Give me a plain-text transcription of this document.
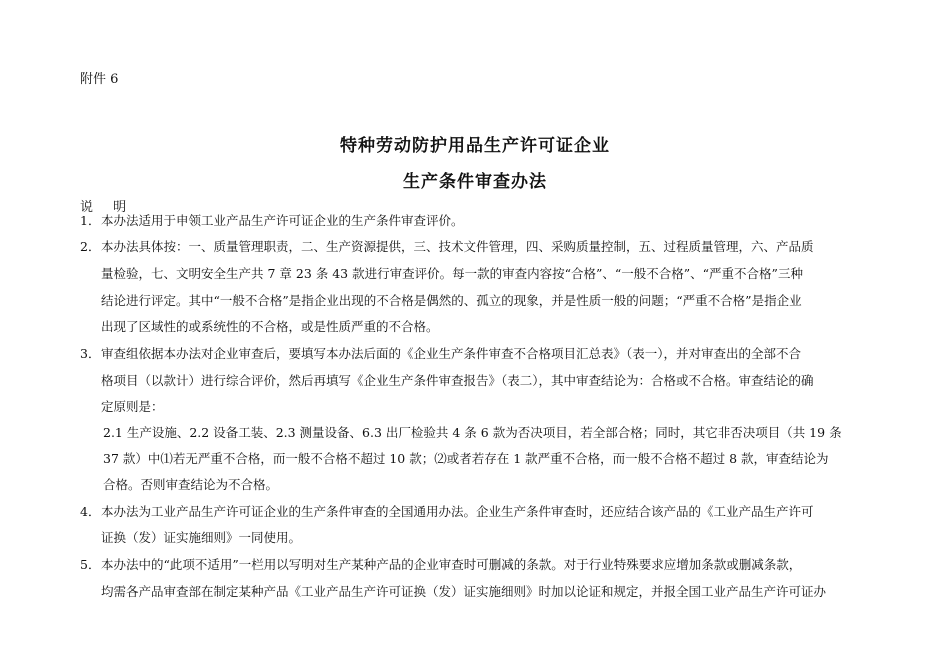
附件 6
特种劳动防护用品生产许可证企业
生产条件审查办法
说 明
1．本办法适用于申领工业产品生产许可证企业的生产条件审查评价。
2．本办法具体按：一、质量管理职责，二、生产资源提供，三、技术文件管理，四、采购质量控制，五、过程质量管理，六、产品质
量检验，七、文明安全生产共 7 章 23 条 43 款进行审查评价。每一款的审查内容按“合格”、“一般不合格”、“严重不合格”三种
结论进行评定。其中“一般不合格”是指企业出现的不合格是偶然的、孤立的现象，并是性质一般的问题；“严重不合格”是指企业
出现了区域性的或系统性的不合格，或是性质严重的不合格。
3．审查组依据本办法对企业审查后，要填写本办法后面的《企业生产条件审查不合格项目汇总表》（表一），并对审查出的全部不合
格项目（以款计）进行综合评价，然后再填写《企业生产条件审查报告》（表二），其中审查结论为：合格或不合格。审查结论的确
定原则是：
2.1 生产设施、2.2 设备工装、2.3 测量设备、6.3 出厂检验共 4 条 6 款为否决项目，若全部合格；同时，其它非否决项目（共 19 条
37 款）中⑴若无严重不合格，而一般不合格不超过 10 款；⑵或者若存在 1 款严重不合格，而一般不合格不超过 8 款，审查结论为
合格。否则审查结论为不合格。
4．本办法为工业产品生产许可证企业的生产条件审查的全国通用办法。企业生产条件审查时，还应结合该产品的《工业产品生产许可
证换（发）证实施细则》一同使用。
5．本办法中的“此项不适用”一栏用以写明对生产某种产品的企业审查时可删减的条款。对于行业特殊要求应增加条款或删减条款，
均需各产品审查部在制定某种产品《工业产品生产许可证换（发）证实施细则》时加以论证和规定，并报全国工业产品生产许可证办
